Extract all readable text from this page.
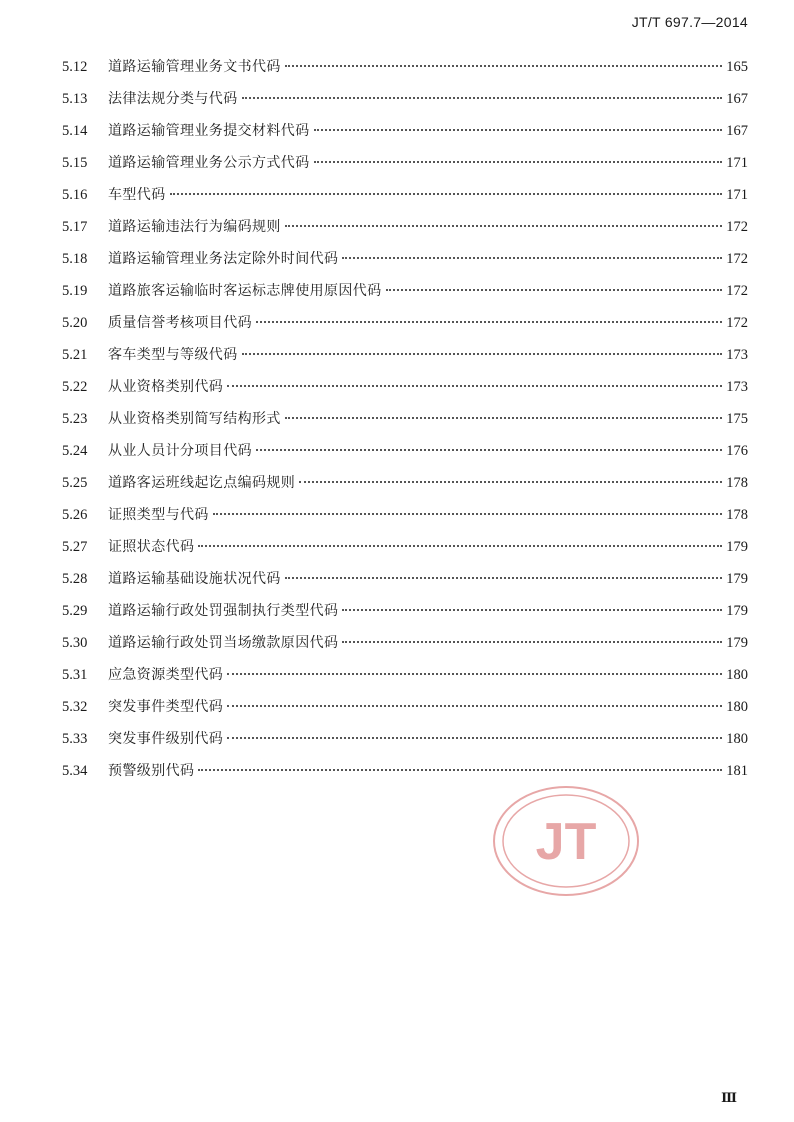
JT/T 697.7—2014
5.12	道路运输管理业务文书代码	165
5.13	法律法规分类与代码	167
5.14	道路运输管理业务提交材料代码	167
5.15	道路运输管理业务公示方式代码	171
5.16	车型代码	171
5.17	道路运输违法行为编码规则	172
5.18	道路运输管理业务法定除外时间代码	172
5.19	道路旅客运输临时客运标志牌使用原因代码	172
5.20	质量信誉考核项目代码	172
5.21	客车类型与等级代码	173
5.22	从业资格类别代码	173
5.23	从业资格类别简写结构形式	175
5.24	从业人员计分项目代码	176
5.25	道路客运班线起讫点编码规则	178
5.26	证照类型与代码	178
5.27	证照状态代码	179
5.28	道路运输基础设施状况代码	179
5.29	道路运输行政处罚强制执行类型代码	179
5.30	道路运输行政处罚当场缴款原因代码	179
5.31	应急资源类型代码	180
5.32	突发事件类型代码	180
5.33	突发事件级别代码	180
5.34	预警级别代码	181
JT
Ⅲ
